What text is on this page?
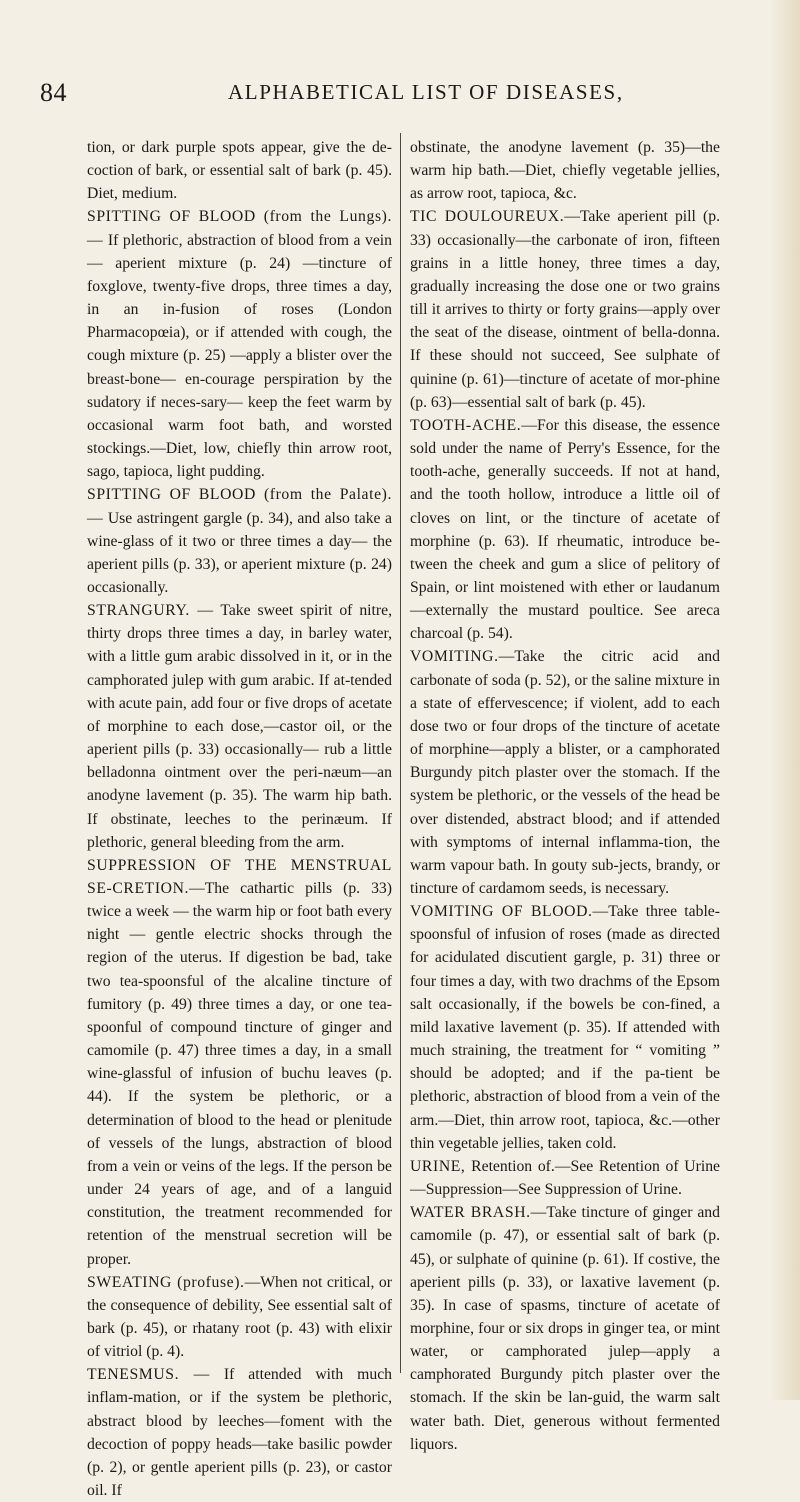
84	ALPHABETICAL LIST OF DISEASES,

tion, or dark purple spots appear, give the de-coction of bark, or essential salt of bark (p. 45). Diet, medium.

SPITTING OF BLOOD (from the Lungs). — If plethoric, abstraction of blood from a vein— aperient mixture (p. 24) —tincture of foxglove, twenty-five drops, three times a day, in an in-fusion of roses (London Pharmacopœia), or if attended with cough, the cough mixture (p. 25) —apply a blister over the breast-bone— en-courage perspiration by the sudatory if neces-sary— keep the feet warm by occasional warm foot bath, and worsted stockings.—Diet, low, chiefly thin arrow root, sago, tapioca, light pudding.

SPITTING OF BLOOD (from the Palate). — Use astringent gargle (p. 34), and also take a wine-glass of it two or three times a day— the aperient pills (p. 33), or aperient mixture (p. 24) occasionally.

STRANGURY. — Take sweet spirit of nitre, thirty drops three times a day, in barley water, with a little gum arabic dissolved in it, or in the camphorated julep with gum arabic. If at-tended with acute pain, add four or five drops of acetate of morphine to each dose,—castor oil, or the aperient pills (p. 33) occasionally— rub a little belladonna ointment over the peri-næum—an anodyne lavement (p. 35). The warm hip bath. If obstinate, leeches to the perinæum. If plethoric, general bleeding from the arm.

SUPPRESSION OF THE MENSTRUAL SE-CRETION.—The cathartic pills (p. 33) twice a week — the warm hip or foot bath every night — gentle electric shocks through the region of the uterus. If digestion be bad, take two tea-spoonsful of the alcaline tincture of fumitory (p. 49) three times a day, or one tea-spoonful of compound tincture of ginger and camomile (p. 47) three times a day, in a small wine-glassful of infusion of buchu leaves (p. 44). If the system be plethoric, or a determination of blood to the head or plenitude of vessels of the lungs, abstraction of blood from a vein or veins of the legs. If the person be under 24 years of age, and of a languid constitution, the treatment recommended for retention of the menstrual secretion will be proper.

SWEATING (profuse).—When not critical, or the consequence of debility, See essential salt of bark (p. 45), or rhatany root (p. 43) with elixir of vitriol (p. 4).

TENESMUS. — If attended with much inflam-mation, or if the system be plethoric, abstract blood by leeches—foment with the decoction of poppy heads—take basilic powder (p. 2), or gentle aperient pills (p. 23), or castor oil. If

obstinate, the anodyne lavement (p. 35)—the warm hip bath.—Diet, chiefly vegetable jellies, as arrow root, tapioca, &c.

TIC DOULOUREUX.—Take aperient pill (p. 33) occasionally—the carbonate of iron, fifteen grains in a little honey, three times a day, gradually increasing the dose one or two grains till it arrives to thirty or forty grains—apply over the seat of the disease, ointment of bella-donna. If these should not succeed, See sulphate of quinine (p. 61)—tincture of acetate of mor-phine (p. 63)—essential salt of bark (p. 45).

TOOTH-ACHE.—For this disease, the essence sold under the name of Perry's Essence, for the tooth-ache, generally succeeds. If not at hand, and the tooth hollow, introduce a little oil of cloves on lint, or the tincture of acetate of morphine (p. 63). If rheumatic, introduce be-tween the cheek and gum a slice of pelitory of Spain, or lint moistened with ether or laudanum—externally the mustard poultice. See areca charcoal (p. 54).

VOMITING.—Take the citric acid and carbonate of soda (p. 52), or the saline mixture in a state of effervescence; if violent, add to each dose two or four drops of the tincture of acetate of morphine—apply a blister, or a camphorated Burgundy pitch plaster over the stomach. If the system be plethoric, or the vessels of the head be over distended, abstract blood; and if attended with symptoms of internal inflamma-tion, the warm vapour bath. In gouty sub-jects, brandy, or tincture of cardamom seeds, is necessary.

VOMITING OF BLOOD.—Take three table-spoonsful of infusion of roses (made as directed for acidulated discutient gargle, p. 31) three or four times a day, with two drachms of the Epsom salt occasionally, if the bowels be con-fined, a mild laxative lavement (p. 35). If attended with much straining, the treatment for “ vomiting ” should be adopted; and if the pa-tient be plethoric, abstraction of blood from a vein of the arm.—Diet, thin arrow root, tapioca, &c.—other thin vegetable jellies, taken cold.

URINE, Retention of.—See Retention of Urine —Suppression—See Suppression of Urine.

WATER BRASH.—Take tincture of ginger and camomile (p. 47), or essential salt of bark (p. 45), or sulphate of quinine (p. 61). If costive, the aperient pills (p. 33), or laxative lavement (p. 35). In case of spasms, tincture of acetate of morphine, four or six drops in ginger tea, or mint water, or camphorated julep—apply a camphorated Burgundy pitch plaster over the stomach. If the skin be lan-guid, the warm salt water bath. Diet, generous without fermented liquors.
